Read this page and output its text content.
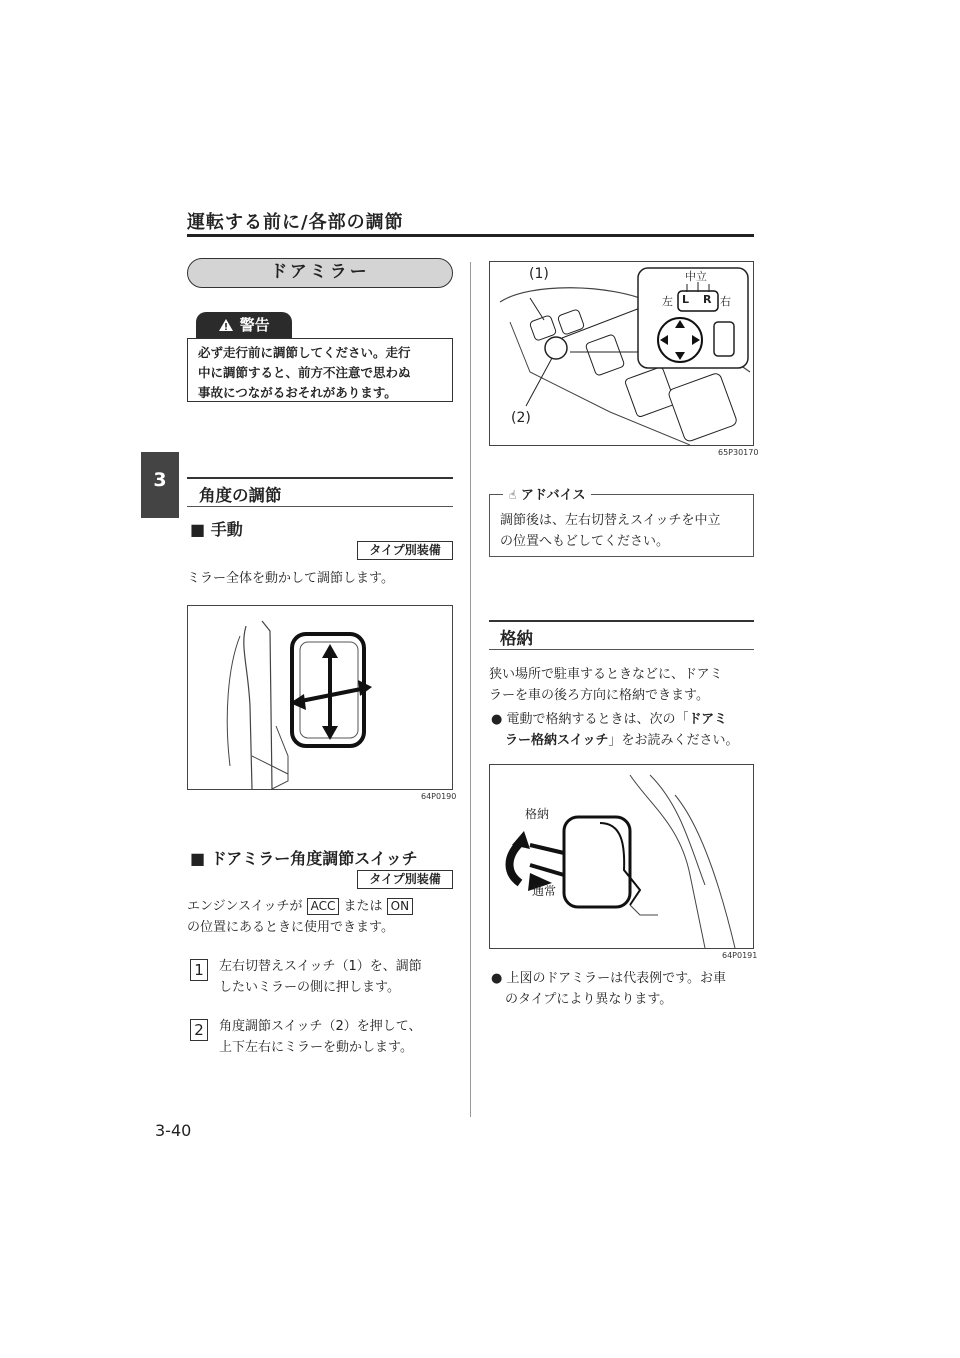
運転する前に/各部の調節
3
ドアミラー
警告
必ず走行前に調節してください。走行
中に調節すると、前方不注意で思わぬ
事故につながるおそれがあります。
角度の調節
■ 手動
タイプ別装備
ミラー全体を動かして調節します。
64P0190
■ ドアミラー角度調節スイッチ
タイプ別装備
エンジンスイッチが ACC または ON
の位置にあるときに使用できます。
1	左右切替えスイッチ（1）を、調節
したいミラーの側に押します。
2	角度調節スイッチ（2）を押して、
上下左右にミラーを動かします。
(1)
(2)
中立
左	右
L R
65P30170
調節後は、左右切替えスイッチを中立
の位置へもどしてください。
☝ アドバイス
格納
狭い場所で駐車するときなどに、ドアミ
ラーを車の後ろ方向に格納できます。
● 電動で格納するときは、次の「ドアミ
ラー格納スイッチ」をお読みください。
格納
通常
64P0191
● 上図のドアミラーは代表例です。お車
のタイプにより異なります。
3-40
